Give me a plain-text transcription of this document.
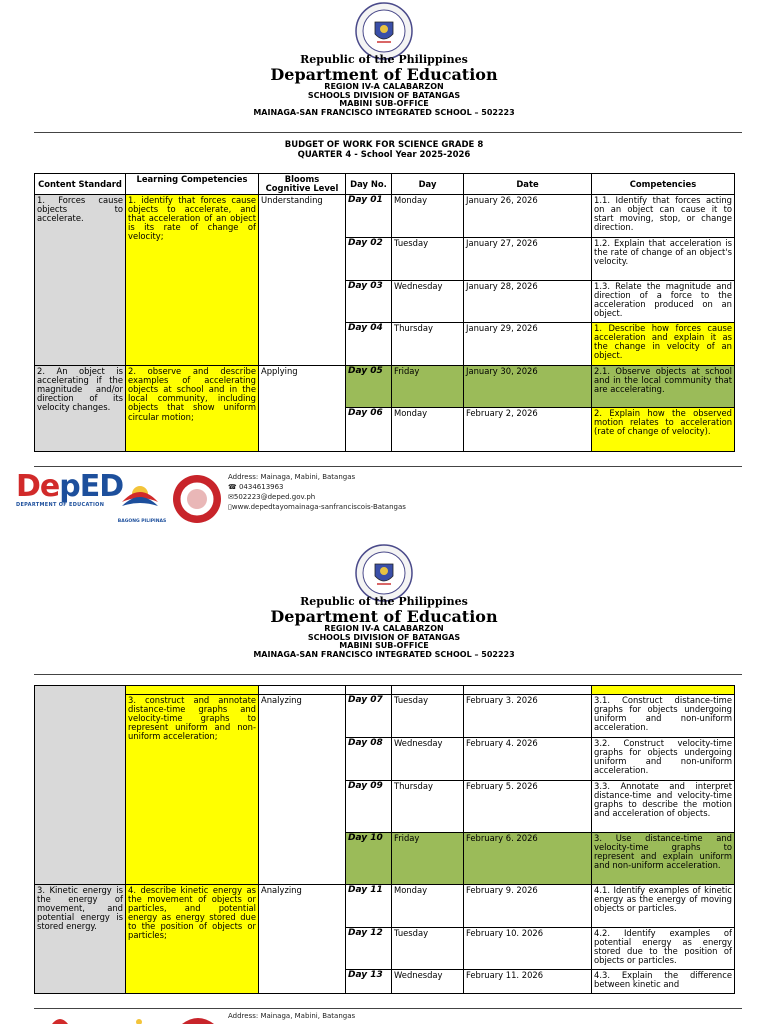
Republic of the Philippines
Department of Education
REGION IV-A CALABARZON
SCHOOLS DIVISION OF BATANGAS
MABINI SUB-OFFICE
MAINAGA-SAN FRANCISCO INTEGRATED SCHOOL – 502223
BUDGET OF WORK FOR SCIENCE GRADE 8
QUARTER 4 - School Year 2025-2026
Content Standard	Learning Competencies	Blooms Cognitive Level	Day No.	Day	Date	Competencies
1. Forces cause objects to accelerate.	1. identify that forces cause objects to accelerate, and that acceleration of an object is its rate of change of velocity;	Understanding	Day 01	Monday	January 26, 2026	1.1. Identify that forces acting on an object can cause it to start moving, stop, or change direction.
			Day 02	Tuesday	January 27, 2026	1.2. Explain that acceleration is the rate of change of an object's velocity.
			Day 03	Wednesday	January 28, 2026	1.3. Relate the magnitude and direction of a force to the acceleration produced on an object.
			Day 04	Thursday	January 29, 2026	1. Describe how forces cause acceleration and explain it as the change in velocity of an object.
2. An object is accelerating if the magnitude and/or direction of its velocity changes.	2. observe and describe examples of accelerating objects at school and in the local community, including objects that show uniform circular motion;	Applying	Day 05	Friday	January 30, 2026	2.1. Observe objects at school and in the local community that are accelerating.
			Day 06	Monday	February 2, 2026	2. Explain how the observed motion relates to acceleration (rate of change of velocity).
DepED
DEPARTMENT OF EDUCATION
BAGONG PILIPINAS
Address: Mainaga, Mabini, Batangas
☎ 0434613963
✉502223@deped.gov.ph
▯www.depedtayomainaga-sanfranciscois-Batangas
Republic of the Philippines
Department of Education
REGION IV-A CALABARZON
SCHOOLS DIVISION OF BATANGAS
MABINI SUB-OFFICE
MAINAGA-SAN FRANCISCO INTEGRATED SCHOOL – 502223

	3. construct and annotate distance-time graphs and velocity-time graphs to represent uniform and non-uniform acceleration;	Analyzing	Day 07	Tuesday	February 3. 2026	3.1. Construct distance-time graphs for objects undergoing uniform and non-uniform acceleration.
			Day 08	Wednesday	February 4. 2026	3.2. Construct velocity-time graphs for objects undergoing uniform and non-uniform acceleration.
			Day 09	Thursday	February 5. 2026	3.3. Annotate and interpret distance-time and velocity-time graphs to describe the motion and acceleration of objects.
			Day 10	Friday	February 6. 2026	3. Use distance-time and velocity-time graphs to represent and explain uniform and non-uniform acceleration.
3. Kinetic energy is the energy of movement, and potential energy is stored energy.	4. describe kinetic energy as the movement of objects or particles, and potential energy as energy stored due to the position of objects or particles;	Analyzing	Day 11	Monday	February 9. 2026	4.1. Identify examples of kinetic energy as the energy of moving objects or particles.
			Day 12	Tuesday	February 10. 2026	4.2. Identify examples of potential energy as energy stored due to the position of objects or particles.
			Day 13	Wednesday	February 11. 2026	4.3. Explain the difference between kinetic and
Address: Mainaga, Mabini, Batangas
